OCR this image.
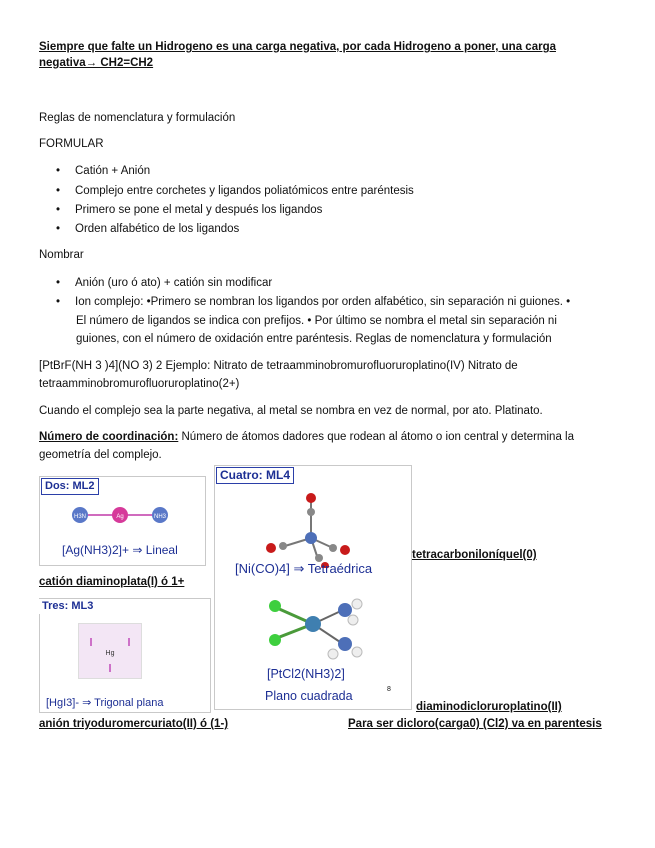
Siempre que falte un Hidrogeno es una carga negativa, por cada Hidrogeno a poner, una carga
negativa→ CH2=CH2
Reglas de nomenclatura y formulación
FORMULAR
• Catión + Anión
• Complejo entre corchetes y ligandos poliatómicos entre paréntesis
• Primero se pone el metal y después los ligandos
• Orden alfabético de los ligandos
Nombrar
• Anión (uro ó ato) + catión sin modificar
• Ion complejo: •Primero se nombran los ligandos por orden alfabético, sin separación ni guiones. •
El número de ligandos se indica con prefijos. • Por último se nombra el metal sin separación ni
guiones, con el número de oxidación entre paréntesis. Reglas de nomenclatura y formulación
[PtBrF(NH 3 )4](NO 3) 2 Ejemplo: Nitrato de tetraamminobromurofluoruroplatino(IV) Nitrato de
tetraamminobromurofluoruroplatino(2+)
Cuando el complejo sea la parte negativa, al metal se nombra en vez de normal, por ato. Platinato.
Número de coordinación: Número de átomos dadores que rodean al átomo o ion central y determina la
geometría del complejo.
Dos: ML2
H3N	Ag	NH3
[Ag(NH3)2]+ ⇒ Lineal
Cuatro: ML4
[Ni(CO)4] ⇒ Tetraédrica
[PtCl2(NH3)2]
Plano cuadrada	8
tetracarboniloníquel(0)
catión diaminoplata(I) ó 1+
Tres: ML3
Hg
[HgI3]- ⇒ Trigonal plana	diaminodicloruroplatino(II)
anión triyoduromercuriato(II) ó (1-)	Para ser dicloro(carga0) (Cl2) va en parentesis
